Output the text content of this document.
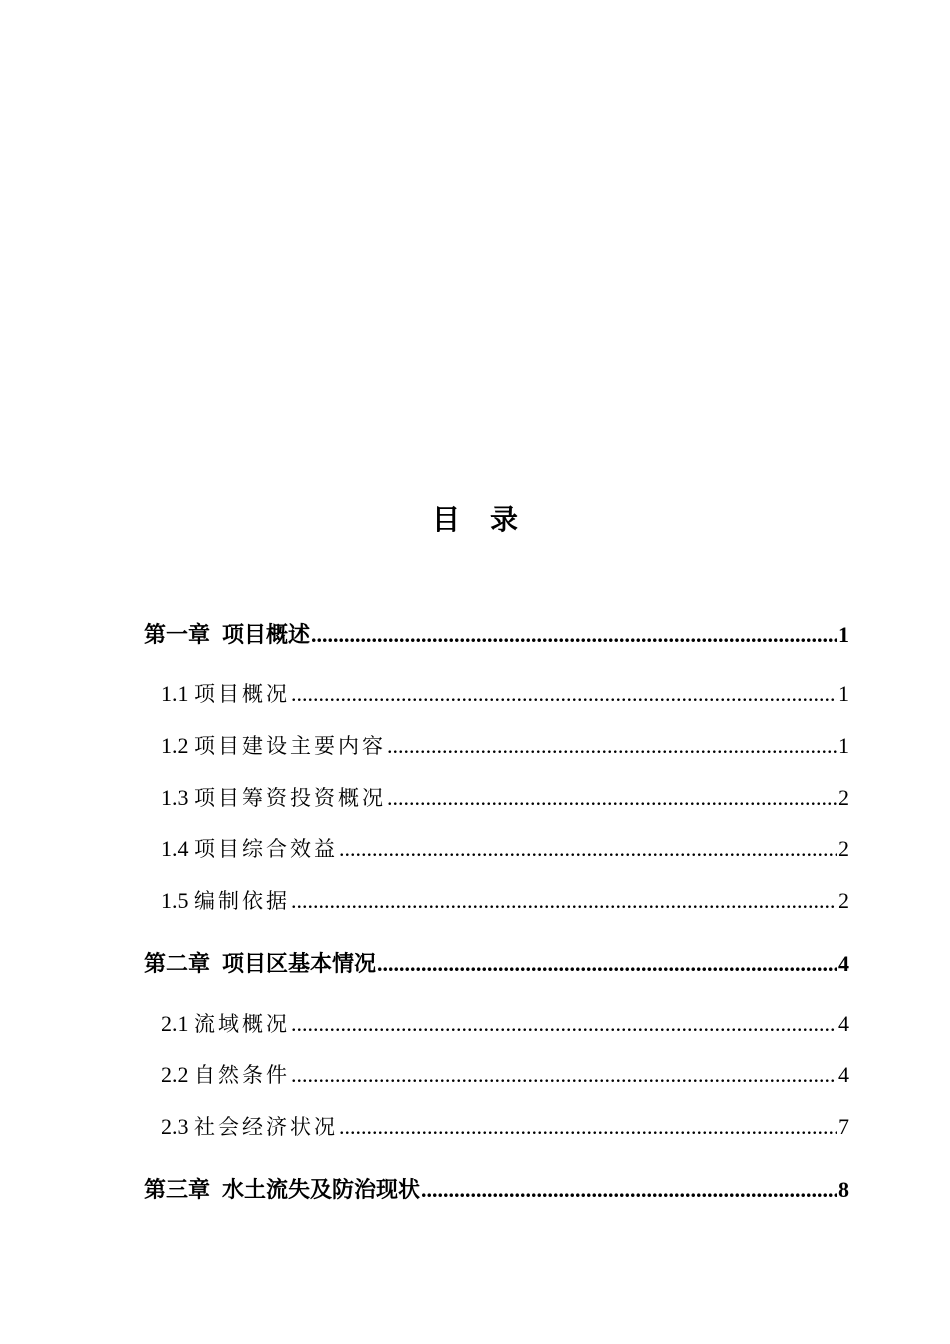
目 录
第一章 项目概述 .....	1
1.1 项目概况 .....	1
1.2 项目建设主要内容 .....	1
1.3 项目筹资投资概况 .....	2
1.4 项目综合效益 .....	2
1.5 编制依据 .....	2
第二章 项目区基本情况 .....	4
2.1 流域概况 .....	4
2.2 自然条件 .....	4
2.3 社会经济状况 .....	7
第三章 水土流失及防治现状 .....	8
